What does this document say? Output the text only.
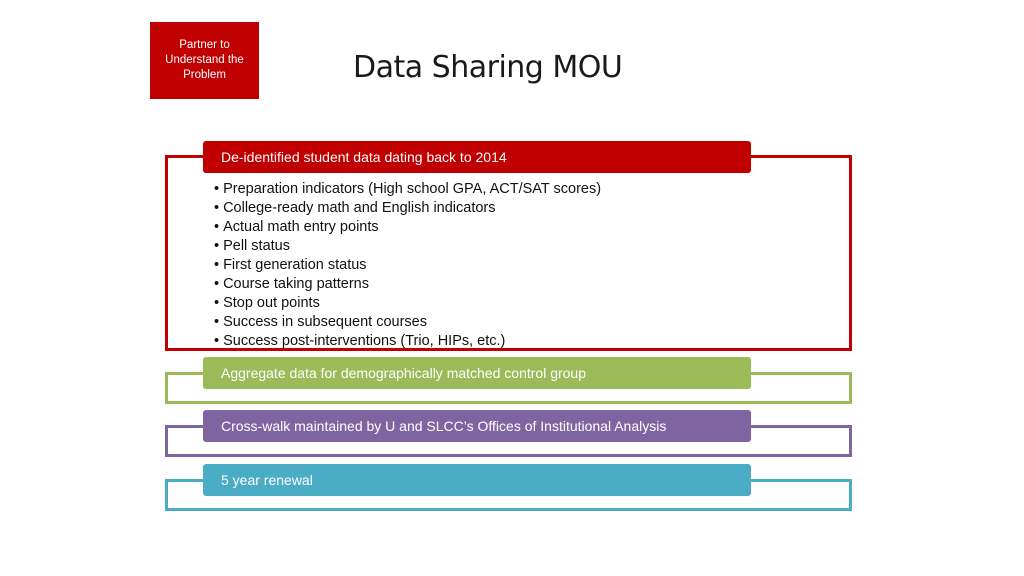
Partner to Understand the Problem	Data Sharing MOU
De-identified student data dating back to 2014
• Preparation indicators (High school GPA, ACT/SAT scores)
• College-ready math and English indicators
• Actual math entry points
• Pell status
• First generation status
• Course taking patterns
• Stop out points
• Success in subsequent courses
• Success post-interventions (Trio, HIPs, etc.)
Aggregate data for demographically matched control group
Cross-walk maintained by U and SLCC’s Offices of Institutional Analysis
5 year renewal
